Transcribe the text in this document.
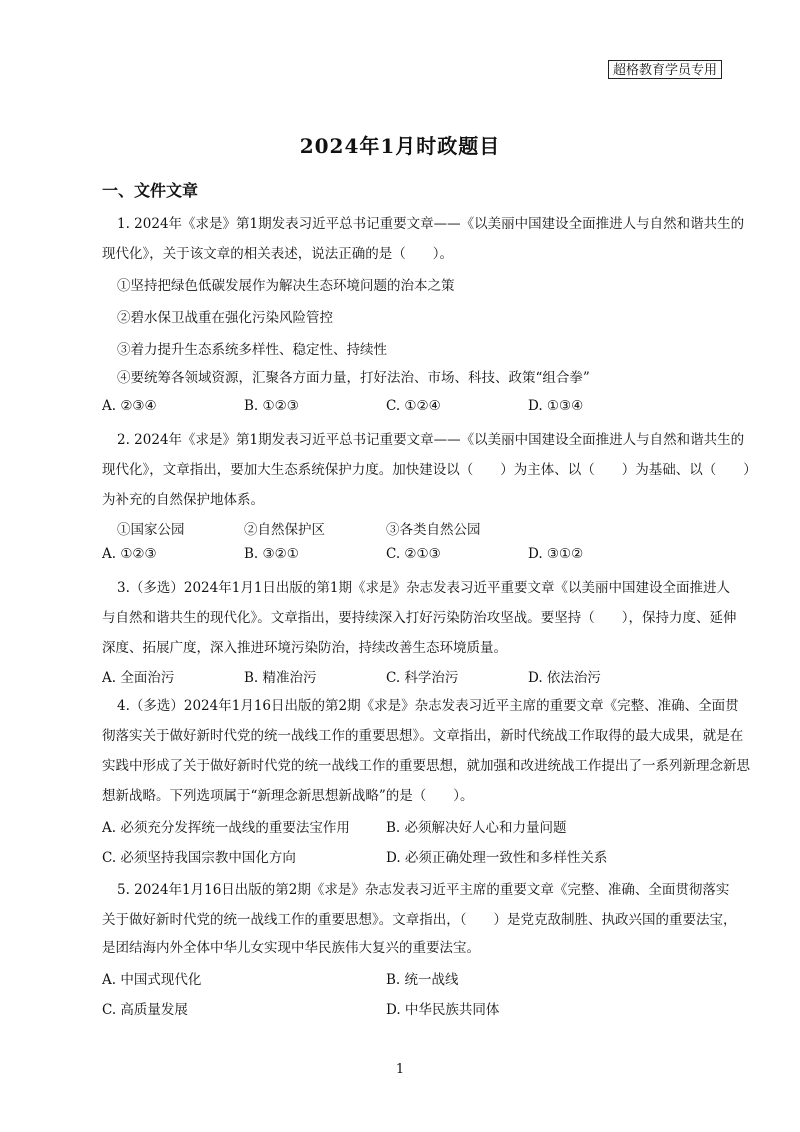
超格教育学员专用
2024年1月时政题目
一、文件文章
1. 2024年《求是》第1期发表习近平总书记重要文章——《以美丽中国建设全面推进人与自然和谐共生的
现代化》，关于该文章的相关表述，说法正确的是（　　）。
①坚持把绿色低碳发展作为解决生态环境问题的治本之策
②碧水保卫战重在强化污染风险管控
③着力提升生态系统多样性、稳定性、持续性
④要统筹各领域资源，汇聚各方面力量，打好法治、市场、科技、政策“组合拳”
A. ②③④	B. ①②③	C. ①②④	D. ①③④
2. 2024年《求是》第1期发表习近平总书记重要文章——《以美丽中国建设全面推进人与自然和谐共生的
现代化》，文章指出，要加大生态系统保护力度。加快建设以（　　）为主体、以（　　）为基础、以（　　）
为补充的自然保护地体系。
①国家公园	②自然保护区	③各类自然公园
A. ①②③	B. ③②①	C. ②①③	D. ③①②
3.（多选）2024年1月1日出版的第1期《求是》杂志发表习近平重要文章《以美丽中国建设全面推进人
与自然和谐共生的现代化》。文章指出，要持续深入打好污染防治攻坚战。要坚持（　　），保持力度、延伸
深度、拓展广度，深入推进环境污染防治，持续改善生态环境质量。
A. 全面治污	B. 精准治污	C. 科学治污	D. 依法治污
4.（多选）2024年1月16日出版的第2期《求是》杂志发表习近平主席的重要文章《完整、准确、全面贯
彻落实关于做好新时代党的统一战线工作的重要思想》。文章指出，新时代统战工作取得的最大成果，就是在
实践中形成了关于做好新时代党的统一战线工作的重要思想，就加强和改进统战工作提出了一系列新理念新思
想新战略。下列选项属于“新理念新思想新战略”的是（　　）。
A. 必须充分发挥统一战线的重要法宝作用	B. 必须解决好人心和力量问题
C. 必须坚持我国宗教中国化方向	D. 必须正确处理一致性和多样性关系
5. 2024年1月16日出版的第2期《求是》杂志发表习近平主席的重要文章《完整、准确、全面贯彻落实
关于做好新时代党的统一战线工作的重要思想》。文章指出，（　　）是党克敌制胜、执政兴国的重要法宝，
是团结海内外全体中华儿女实现中华民族伟大复兴的重要法宝。
A. 中国式现代化	B. 统一战线
C. 高质量发展	D. 中华民族共同体
1
